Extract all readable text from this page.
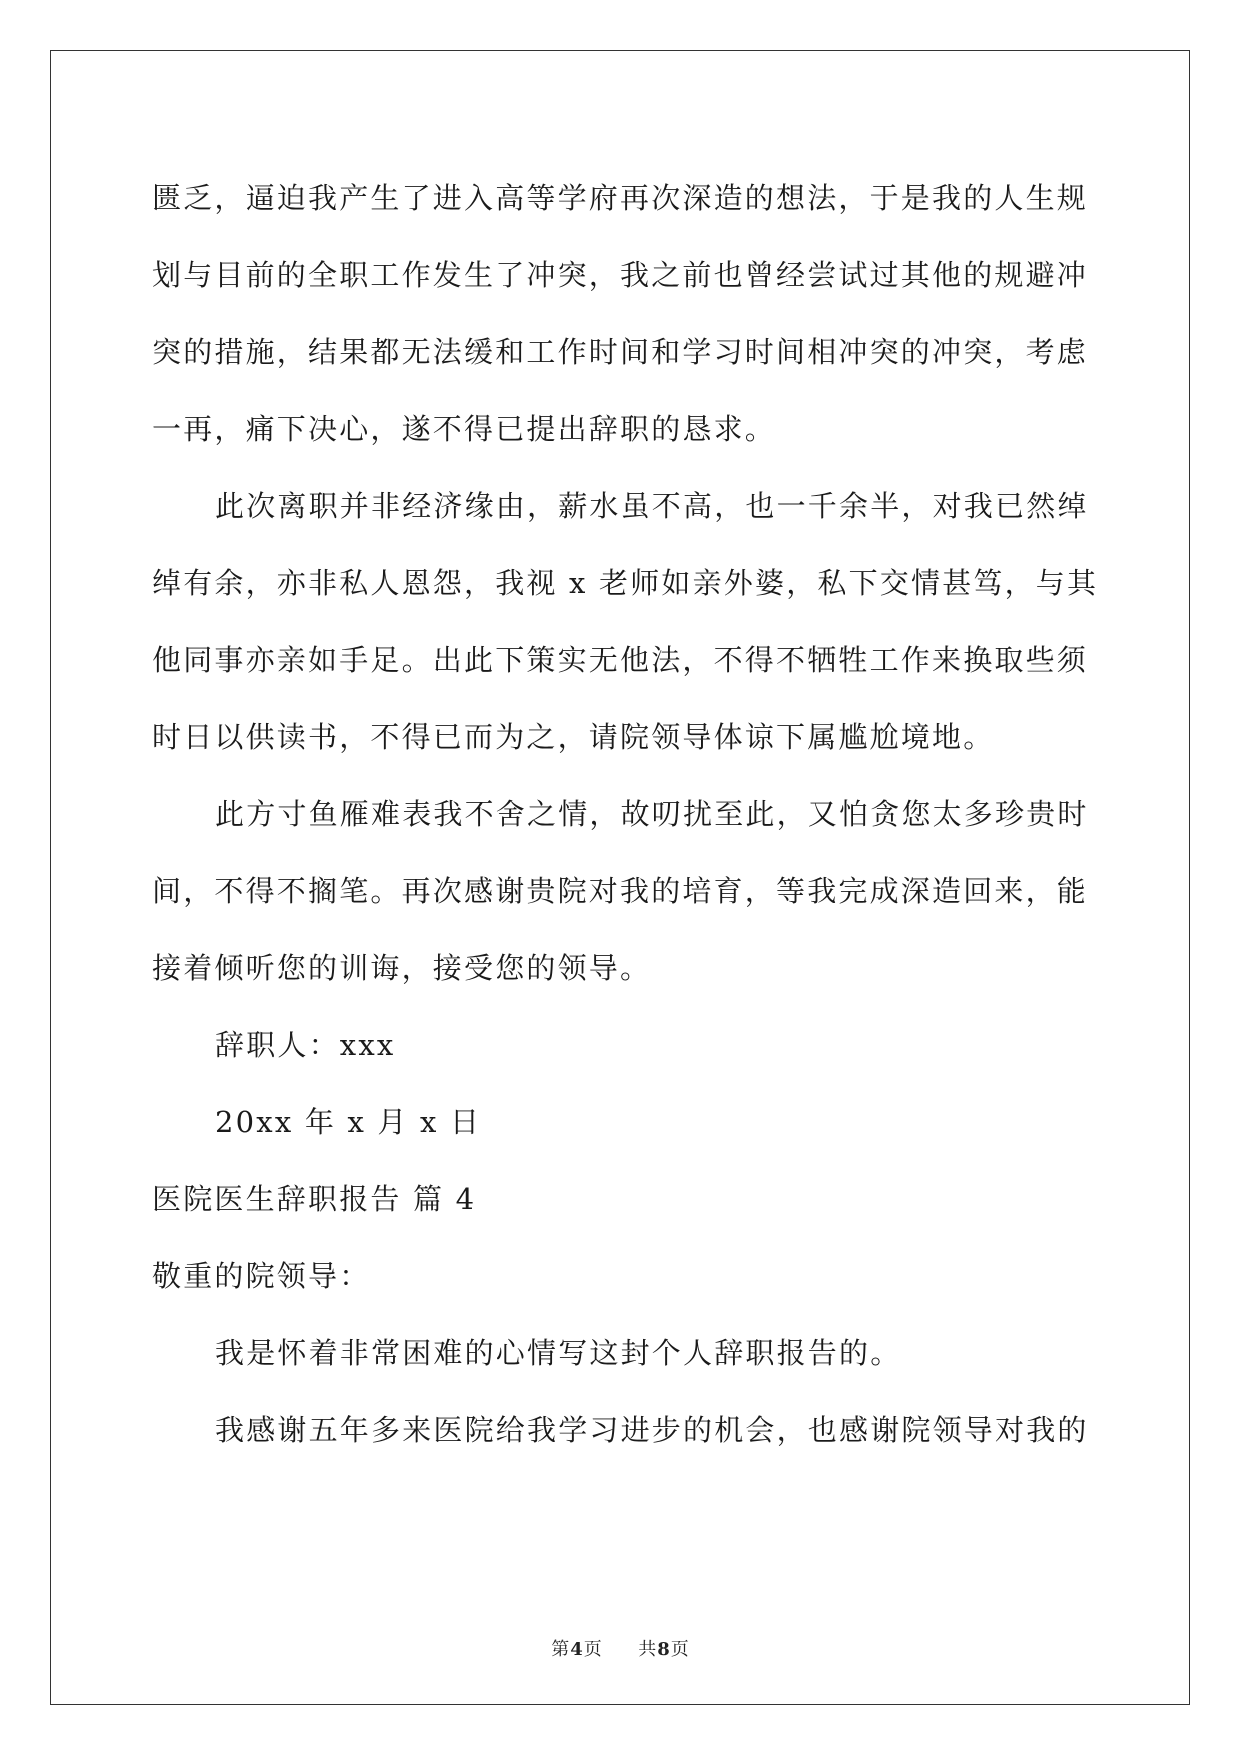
匮乏，逼迫我产生了进入高等学府再次深造的想法，于是我的人生规
划与目前的全职工作发生了冲突，我之前也曾经尝试过其他的规避冲
突的措施，结果都无法缓和工作时间和学习时间相冲突的冲突，考虑
一再，痛下决心，遂不得已提出辞职的恳求。
此次离职并非经济缘由，薪水虽不高，也一千余半，对我已然绰
绰有余，亦非私人恩怨，我视 x 老师如亲外婆，私下交情甚笃，与其
他同事亦亲如手足。出此下策实无他法，不得不牺牲工作来换取些须
时日以供读书，不得已而为之，请院领导体谅下属尴尬境地。
此方寸鱼雁难表我不舍之情，故叨扰至此，又怕贪您太多珍贵时
间，不得不搁笔。再次感谢贵院对我的培育，等我完成深造回来，能
接着倾听您的训诲，接受您的领导。
辞职人：xxx
20xx 年 x 月 x 日
医院医生辞职报告 篇 4
敬重的院领导：
我是怀着非常困难的心情写这封个人辞职报告的。
我感谢五年多来医院给我学习进步的机会，也感谢院领导对我的
第4页 共8页
